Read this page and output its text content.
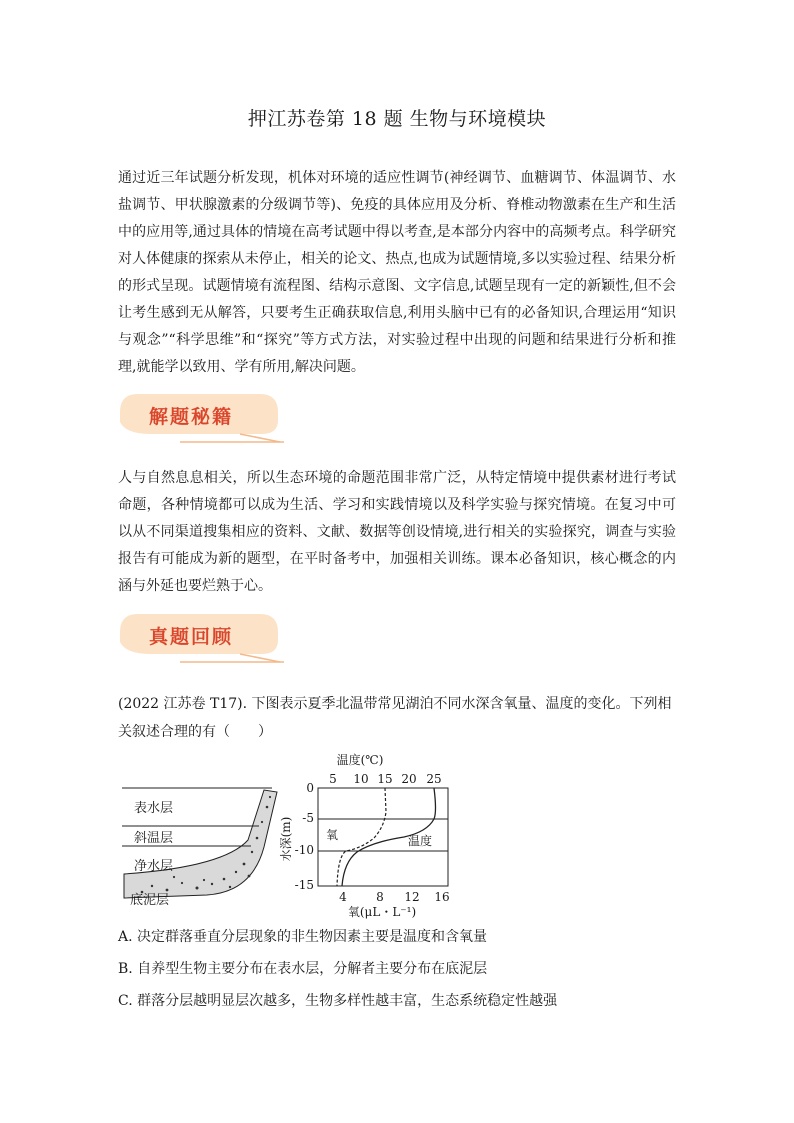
押江苏卷第 18 题 生物与环境模块
通过近三年试题分析发现，机体对环境的适应性调节(神经调节、血糖调节、体温调节、水盐调节、甲状腺激素的分级调节等)、免疫的具体应用及分析、脊椎动物激素在生产和生活中的应用等,通过具体的情境在高考试题中得以考查,是本部分内容中的高频考点。科学研究对人体健康的探索从未停止，相关的论文、热点,也成为试题情境,多以实验过程、结果分析的形式呈现。试题情境有流程图、结构示意图、文字信息,试题呈现有一定的新颖性,但不会让考生感到无从解答，只要考生正确获取信息,利用头脑中已有的必备知识,合理运用“知识与观念”“科学思维”和“探究”等方式方法，对实验过程中出现的问题和结果进行分析和推理,就能学以致用、学有所用,解决问题。
解题秘籍
人与自然息息相关，所以生态环境的命题范围非常广泛，从特定情境中提供素材进行考试命题，各种情境都可以成为生活、学习和实践情境以及科学实验与探究情境。在复习中可以从不同渠道搜集相应的资料、文献、数据等创设情境,进行相关的实验探究，调查与实验报告有可能成为新的题型，在平时备考中，加强相关训练。课本必备知识，核心概念的内涵与外延也要烂熟于心。
真题回顾
(2022 江苏卷 T17). 下图表示夏季北温带常见湖泊不同水深含氧量、温度的变化。下列相关叙述合理的有（　　）
表水层
斜温层
净水层
底泥层
温度(℃)
5 10 15 20 25
0
-5
-10
-15
水深(m)	氧	温度
4 8 12 16
氧(μL・L⁻¹)
A. 决定群落垂直分层现象的非生物因素主要是温度和含氧量
B. 自养型生物主要分布在表水层，分解者主要分布在底泥层
C. 群落分层越明显层次越多，生物多样性越丰富，生态系统稳定性越强
